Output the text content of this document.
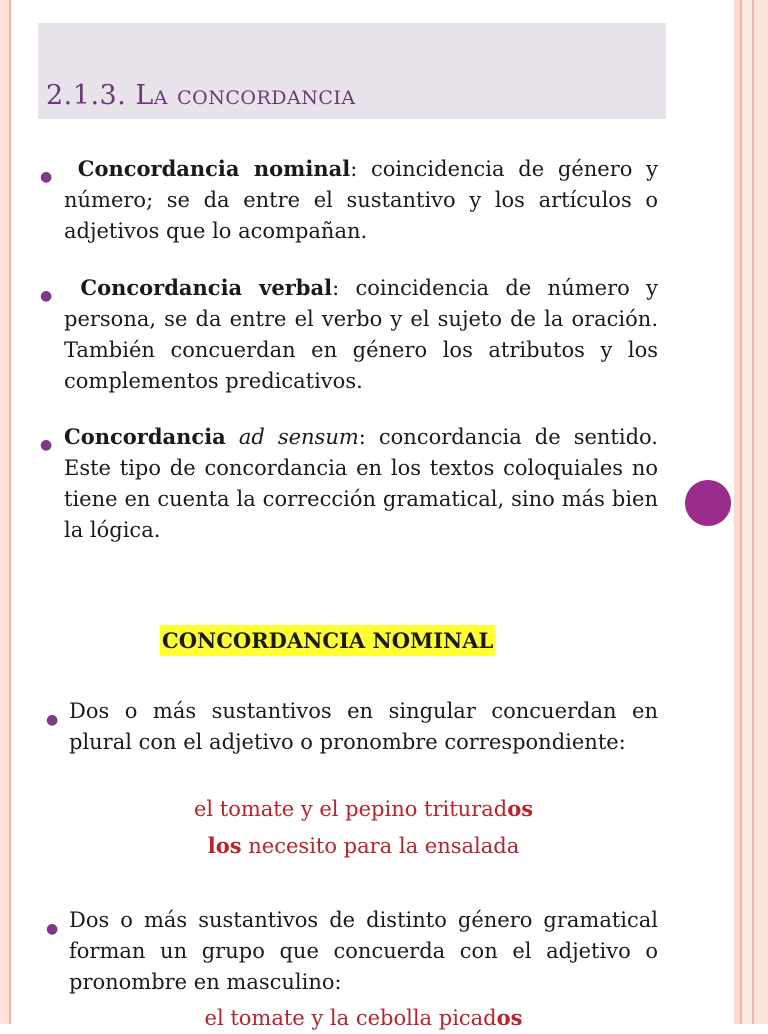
2.1.3. La concordancia
●	Concordancia nominal: coincidencia de género y número; se da entre el sustantivo y los artículos o adjetivos que lo acompañan.
●	Concordancia verbal: coincidencia de número y persona, se da entre el verbo y el sujeto de la oración. También concuerdan en género los atributos y los complementos predicativos.
● Concordancia ad sensum: concordancia de sentido. Este tipo de concordancia en los textos coloquiales no tiene en cuenta la corrección gramatical, sino más bien la lógica.
CONCORDANCIA NOMINAL
● Dos o más sustantivos en singular concuerdan en plural con el adjetivo o pronombre correspondiente:
el tomate y el pepino triturados
los necesito para la ensalada
● Dos o más sustantivos de distinto género gramatical forman un grupo que concuerda con el adjetivo o pronombre en masculino:
el tomate y la cebolla picados
